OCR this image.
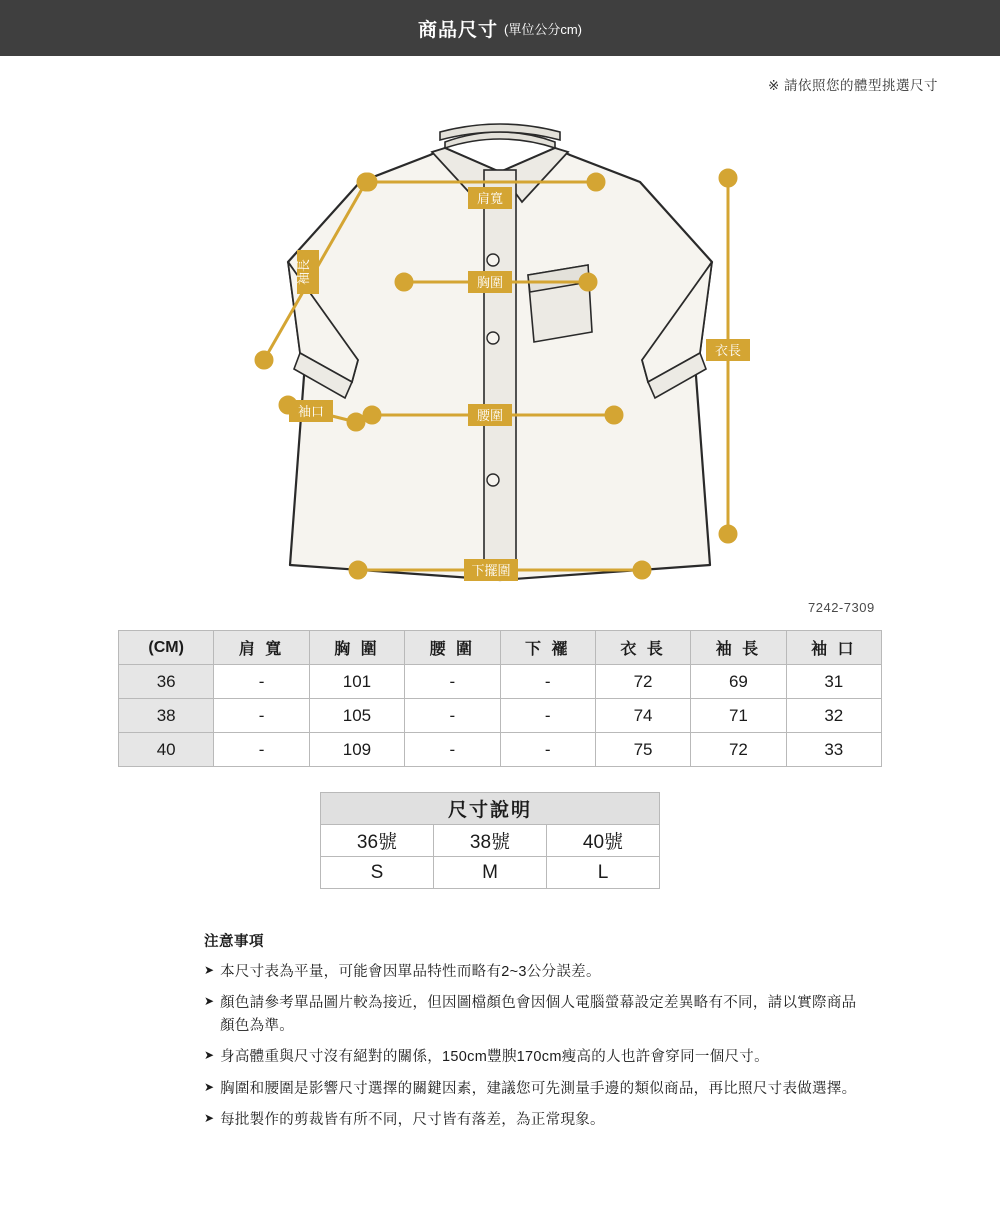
商品尺寸 (單位公分cm)
※ 請依照您的體型挑選尺寸
肩寬
胸圍
腰圍
下擺圍
衣長
袖長
袖口
7242-7309
(CM)	肩 寬	胸 圍	腰 圍	下 襬	衣 長	袖 長	袖 口
36	-	101	-	-	72	69	31
38	-	105	-	-	74	71	32
40	-	109	-	-	75	72	33
尺寸說明		
36號	38號	40號
S	M	L
注意事項
➤ 本尺寸表為平量，可能會因單品特性而略有2~3公分誤差。
➤ 顏色請參考單品圖片較為接近，但因圖檔顏色會因個人電腦螢幕設定差異略有不同，請以實際商品顏色為準。
➤ 身高體重與尺寸沒有絕對的關係，150cm豐腴170cm瘦高的人也許會穿同一個尺寸。
➤ 胸圍和腰圍是影響尺寸選擇的關鍵因素，建議您可先測量手邊的類似商品，再比照尺寸表做選擇。
➤ 每批製作的剪裁皆有所不同，尺寸皆有落差，為正常現象。
